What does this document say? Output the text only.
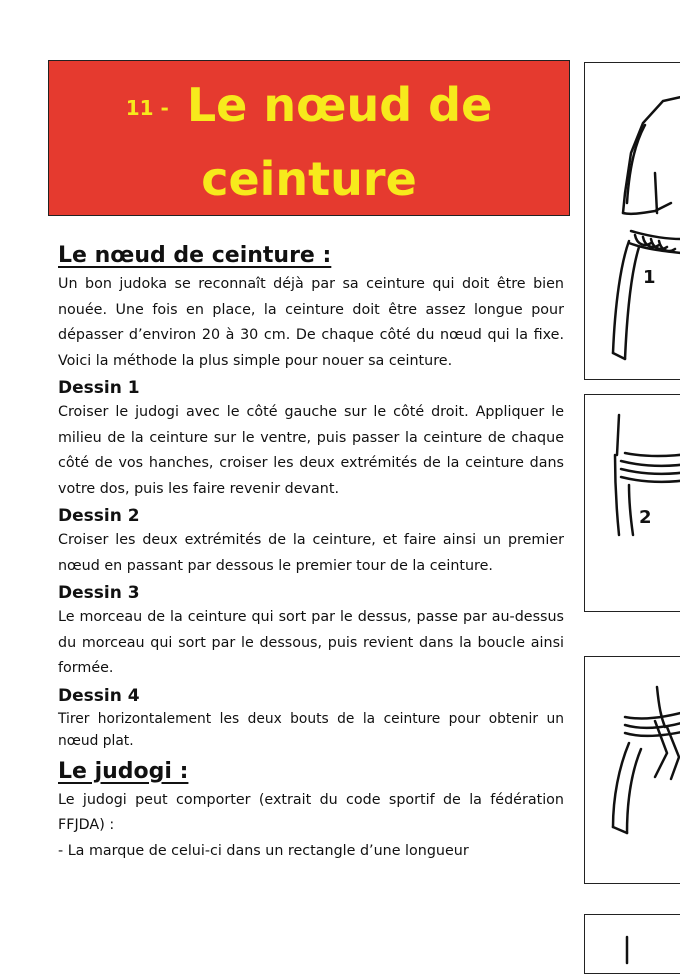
11 - Le nœud de
ceinture
Le nœud de ceinture :

Un bon judoka se reconnaît déjà par sa ceinture qui doit être bien nouée. Une fois en place, la ceinture doit être assez longue pour dépasser d’environ 20 à 30 cm. De chaque côté du nœud qui la fixe. Voici la méthode la plus simple pour nouer sa ceinture.

Dessin 1

Croiser le judogi avec le côté gauche sur le côté droit. Appliquer le milieu de la ceinture sur le ventre, puis passer la ceinture de chaque côté de vos hanches, croiser les deux extrémités de la ceinture dans votre dos, puis les faire revenir devant.

Dessin 2

Croiser les deux extrémités de la ceinture, et faire ainsi un premier nœud en passant par dessous le premier tour de la ceinture.

Dessin 3

Le morceau de la ceinture qui sort par le dessus, passe par au-dessus du morceau qui sort par le dessous, puis revient dans la boucle ainsi formée.

Dessin 4

Tirer horizontalement les deux bouts de la ceinture pour obtenir un nœud plat.

Le judogi :

Le judogi peut comporter (extrait du code sportif de la fédération FFJDA) :

- La marque de celui-ci dans un rectangle d’une longueur

1
2
